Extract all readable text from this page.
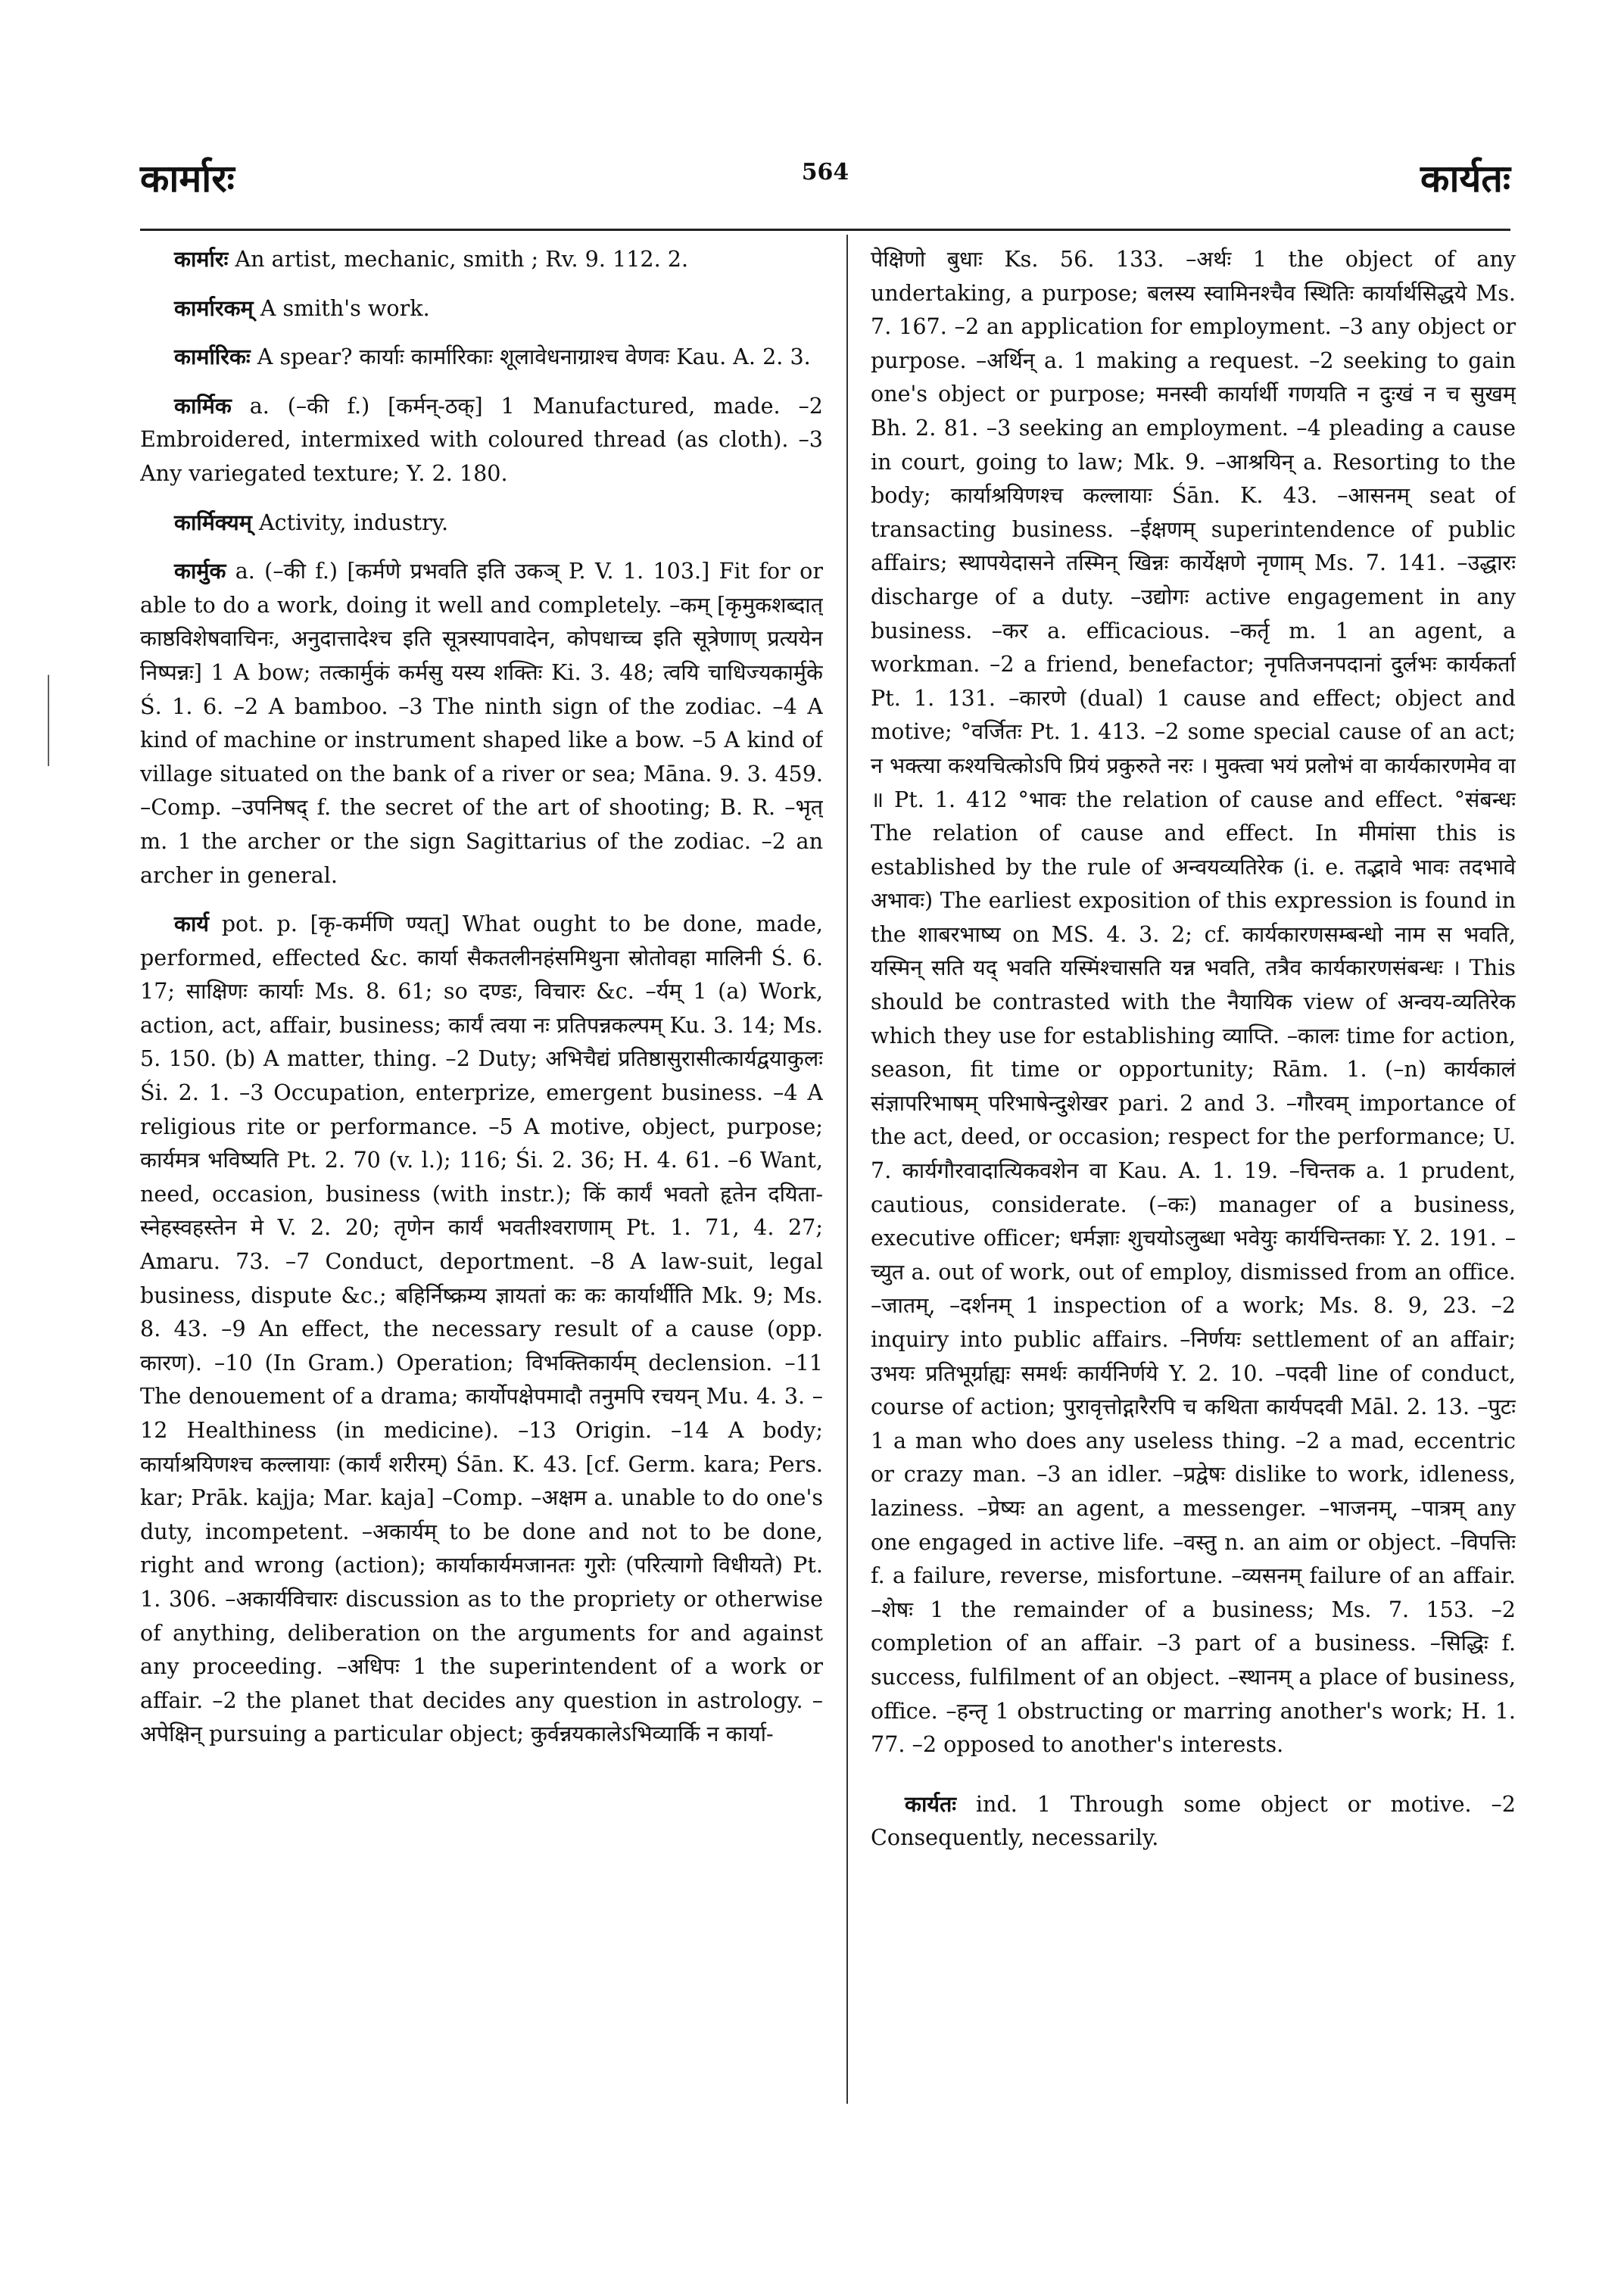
कार्मारः	564	कार्यतः
|
|
|
|
|
|

कार्मारः An artist, mechanic, smith ; Rv. 9. 112. 2.

कार्मारकम् A smith's work.

कार्मारिकः A spear? कार्याः कार्मारिकाः शूलावेधनाग्राश्च वेणवः Kau. A. 2. 3.

कार्मिक a. (–की f.) [कर्मन्-ठक्] 1 Manufactured, made. –2 Embroidered, intermixed with coloured thread (as cloth). –3 Any variegated texture; Y. 2. 180.

कार्मिक्यम् Activity, industry.

कार्मुक a. (–की f.) [कर्मणे प्रभवति इति उकञ् P. V. 1. 103.] Fit for or able to do a work, doing it well and completely. –कम् [कृमुकशब्दात् काष्ठविशेषवाचिनः, अनुदात्तादेश्च इति सूत्रस्यापवादेन, कोपधाच्च इति सूत्रेणाण् प्रत्ययेन निष्पन्नः] 1 A bow; तत्कार्मुकं कर्मसु यस्य शक्तिः Ki. 3. 48; त्वयि चाधिज्यकार्मुके Ś. 1. 6. –2 A bamboo. –3 The ninth sign of the zodiac. –4 A kind of machine or instrument shaped like a bow. –5 A kind of village situated on the bank of a river or sea; Māna. 9. 3. 459. –Comp. –उपनिषद् f. the secret of the art of shooting; B. R. –भृत् m. 1 the archer or the sign Sagittarius of the zodiac. –2 an archer in general.

कार्य pot. p. [कृ-कर्मणि ण्यत्] What ought to be done, made, performed, effected &c. कार्या सैकतलीनहंसमिथुना स्रोतोवहा मालिनी Ś. 6. 17; साक्षिणः कार्याः Ms. 8. 61; so दण्डः, विचारः &c. –र्यम् 1 (a) Work, action, act, affair, business; कार्यं त्वया नः प्रतिपन्नकल्पम् Ku. 3. 14; Ms. 5. 150. (b) A matter, thing. –2 Duty; अभिचैद्यं प्रतिष्ठासुरासीत्कार्यद्वयाकुलः Śi. 2. 1. –3 Occupation, enterprize, emergent business. –4 A religious rite or performance. –5 A motive, object, purpose; कार्यमत्र भविष्यति Pt. 2. 70 (v. l.); 116; Śi. 2. 36; H. 4. 61. –6 Want, need, occasion, business (with instr.); किं कार्यं भवतो हृतेन दयिता-स्नेहस्वहस्तेन मे V. 2. 20; तृणेन कार्यं भवतीश्वराणाम् Pt. 1. 71, 4. 27; Amaru. 73. –7 Conduct, deportment. –8 A law-suit, legal business, dispute &c.; बहिर्निष्क्रम्य ज्ञायतां कः कः कार्यार्थीति Mk. 9; Ms. 8. 43. –9 An effect, the necessary result of a cause (opp. कारण). –10 (In Gram.) Operation; विभक्तिकार्यम् declension. –11 The denouement of a drama; कार्योपक्षेपमादौ तनुमपि रचयन् Mu. 4. 3. –12 Healthiness (in medicine). –13 Origin. –14 A body; कार्याश्रयिणश्च कल्लायाः (कार्यं शरीरम्) Śān. K. 43. [cf. Germ. kara; Pers. kar; Prāk. kajja; Mar. kaja] –Comp. –अक्षम a. unable to do one's duty, incompetent. –अकार्यम् to be done and not to be done, right and wrong (action); कार्याकार्यमजानतः गुरोः (परित्यागो विधीयते) Pt. 1. 306. –अकार्यविचारः discussion as to the propriety or otherwise of anything, deliberation on the arguments for and against any proceeding. –अधिपः 1 the superintendent of a work or affair. –2 the planet that decides any question in astrology. –अपेक्षिन् pursuing a particular object; कुर्वन्नयकालेऽभिव्यार्कि न कार्या-

पेक्षिणो बुधाः Ks. 56. 133. –अर्थः 1 the object of any undertaking, a purpose; बलस्य स्वामिनश्चैव स्थितिः कार्यार्थसिद्धये Ms. 7. 167. –2 an application for employment. –3 any object or purpose. –अर्थिन् a. 1 making a request. –2 seeking to gain one's object or purpose; मनस्वी कार्यार्थी गणयति न दुःखं न च सुखम् Bh. 2. 81. –3 seeking an employment. –4 pleading a cause in court, going to law; Mk. 9. –आश्रयिन् a. Resorting to the body; कार्याश्रयिणश्च कल्लायाः Śān. K. 43. –आसनम् seat of transacting business. –ईक्षणम् superintendence of public affairs; स्थापयेदासने तस्मिन् खिन्नः कार्येक्षणे नृणाम् Ms. 7. 141. –उद्धारः discharge of a duty. –उद्योगः active engagement in any business. –कर a. efficacious. –कर्तृ m. 1 an agent, a workman. –2 a friend, benefactor; नृपतिजनपदानां दुर्लभः कार्यकर्ता Pt. 1. 131. –कारणे (dual) 1 cause and effect; object and motive; °वर्जितः Pt. 1. 413. –2 some special cause of an act; न भक्त्या कश्यचित्कोऽपि प्रियं प्रकुरुते नरः । मुक्त्वा भयं प्रलोभं वा कार्यकारणमेव वा ॥ Pt. 1. 412 °भावः the relation of cause and effect. °संबन्धः The relation of cause and effect. In मीमांसा this is established by the rule of अन्वयव्यतिरेक (i. e. तद्भावे भावः तदभावे अभावः) The earliest exposition of this expression is found in the शाबरभाष्य on MS. 4. 3. 2; cf. कार्यकारणसम्बन्धो नाम स भवति, यस्मिन् सति यद् भवति यस्मिंश्चासति यन्न भवति, तत्रैव कार्यकारणसंबन्धः । This should be contrasted with the नैयायिक view of अन्वय-व्यतिरेक which they use for establishing व्याप्ति. –कालः time for action, season, fit time or opportunity; Rām. 1. (–n) कार्यकालं संज्ञापरिभाषम् परिभाषेन्दुशेखर pari. 2 and 3. –गौरवम् importance of the act, deed, or occasion; respect for the performance; U. 7. कार्यगौरवादात्यिकवशेन वा Kau. A. 1. 19. –चिन्तक a. 1 prudent, cautious, considerate. (–कः) manager of a business, executive officer; धर्मज्ञाः शुचयोऽलुब्धा भवेयुः कार्यचिन्तकाः Y. 2. 191. –च्युत a. out of work, out of employ, dismissed from an office. –जातम्, –दर्शनम् 1 inspection of a work; Ms. 8. 9, 23. –2 inquiry into public affairs. –निर्णयः settlement of an affair; उभयः प्रतिभूर्ग्राह्यः समर्थः कार्यनिर्णये Y. 2. 10. –पदवी line of conduct, course of action; पुरावृत्तोद्गारैरपि च कथिता कार्यपदवी Māl. 2. 13. –पुटः 1 a man who does any useless thing. –2 a mad, eccentric or crazy man. –3 an idler. –प्रद्वेषः dislike to work, idleness, laziness. –प्रेष्यः an agent, a messenger. –भाजनम्, –पात्रम् any one engaged in active life. –वस्तु n. an aim or object. –विपत्तिः f. a failure, reverse, misfortune. –व्यसनम् failure of an affair. –शेषः 1 the remainder of a business; Ms. 7. 153. –2 completion of an affair. –3 part of a business. –सिद्धिः f. success, fulfilment of an object. –स्थानम् a place of business, office. –हन्तृ 1 obstructing or marring another's work; H. 1. 77. –2 opposed to another's interests.

कार्यतः ind. 1 Through some object or motive. –2 Consequently, necessarily.
